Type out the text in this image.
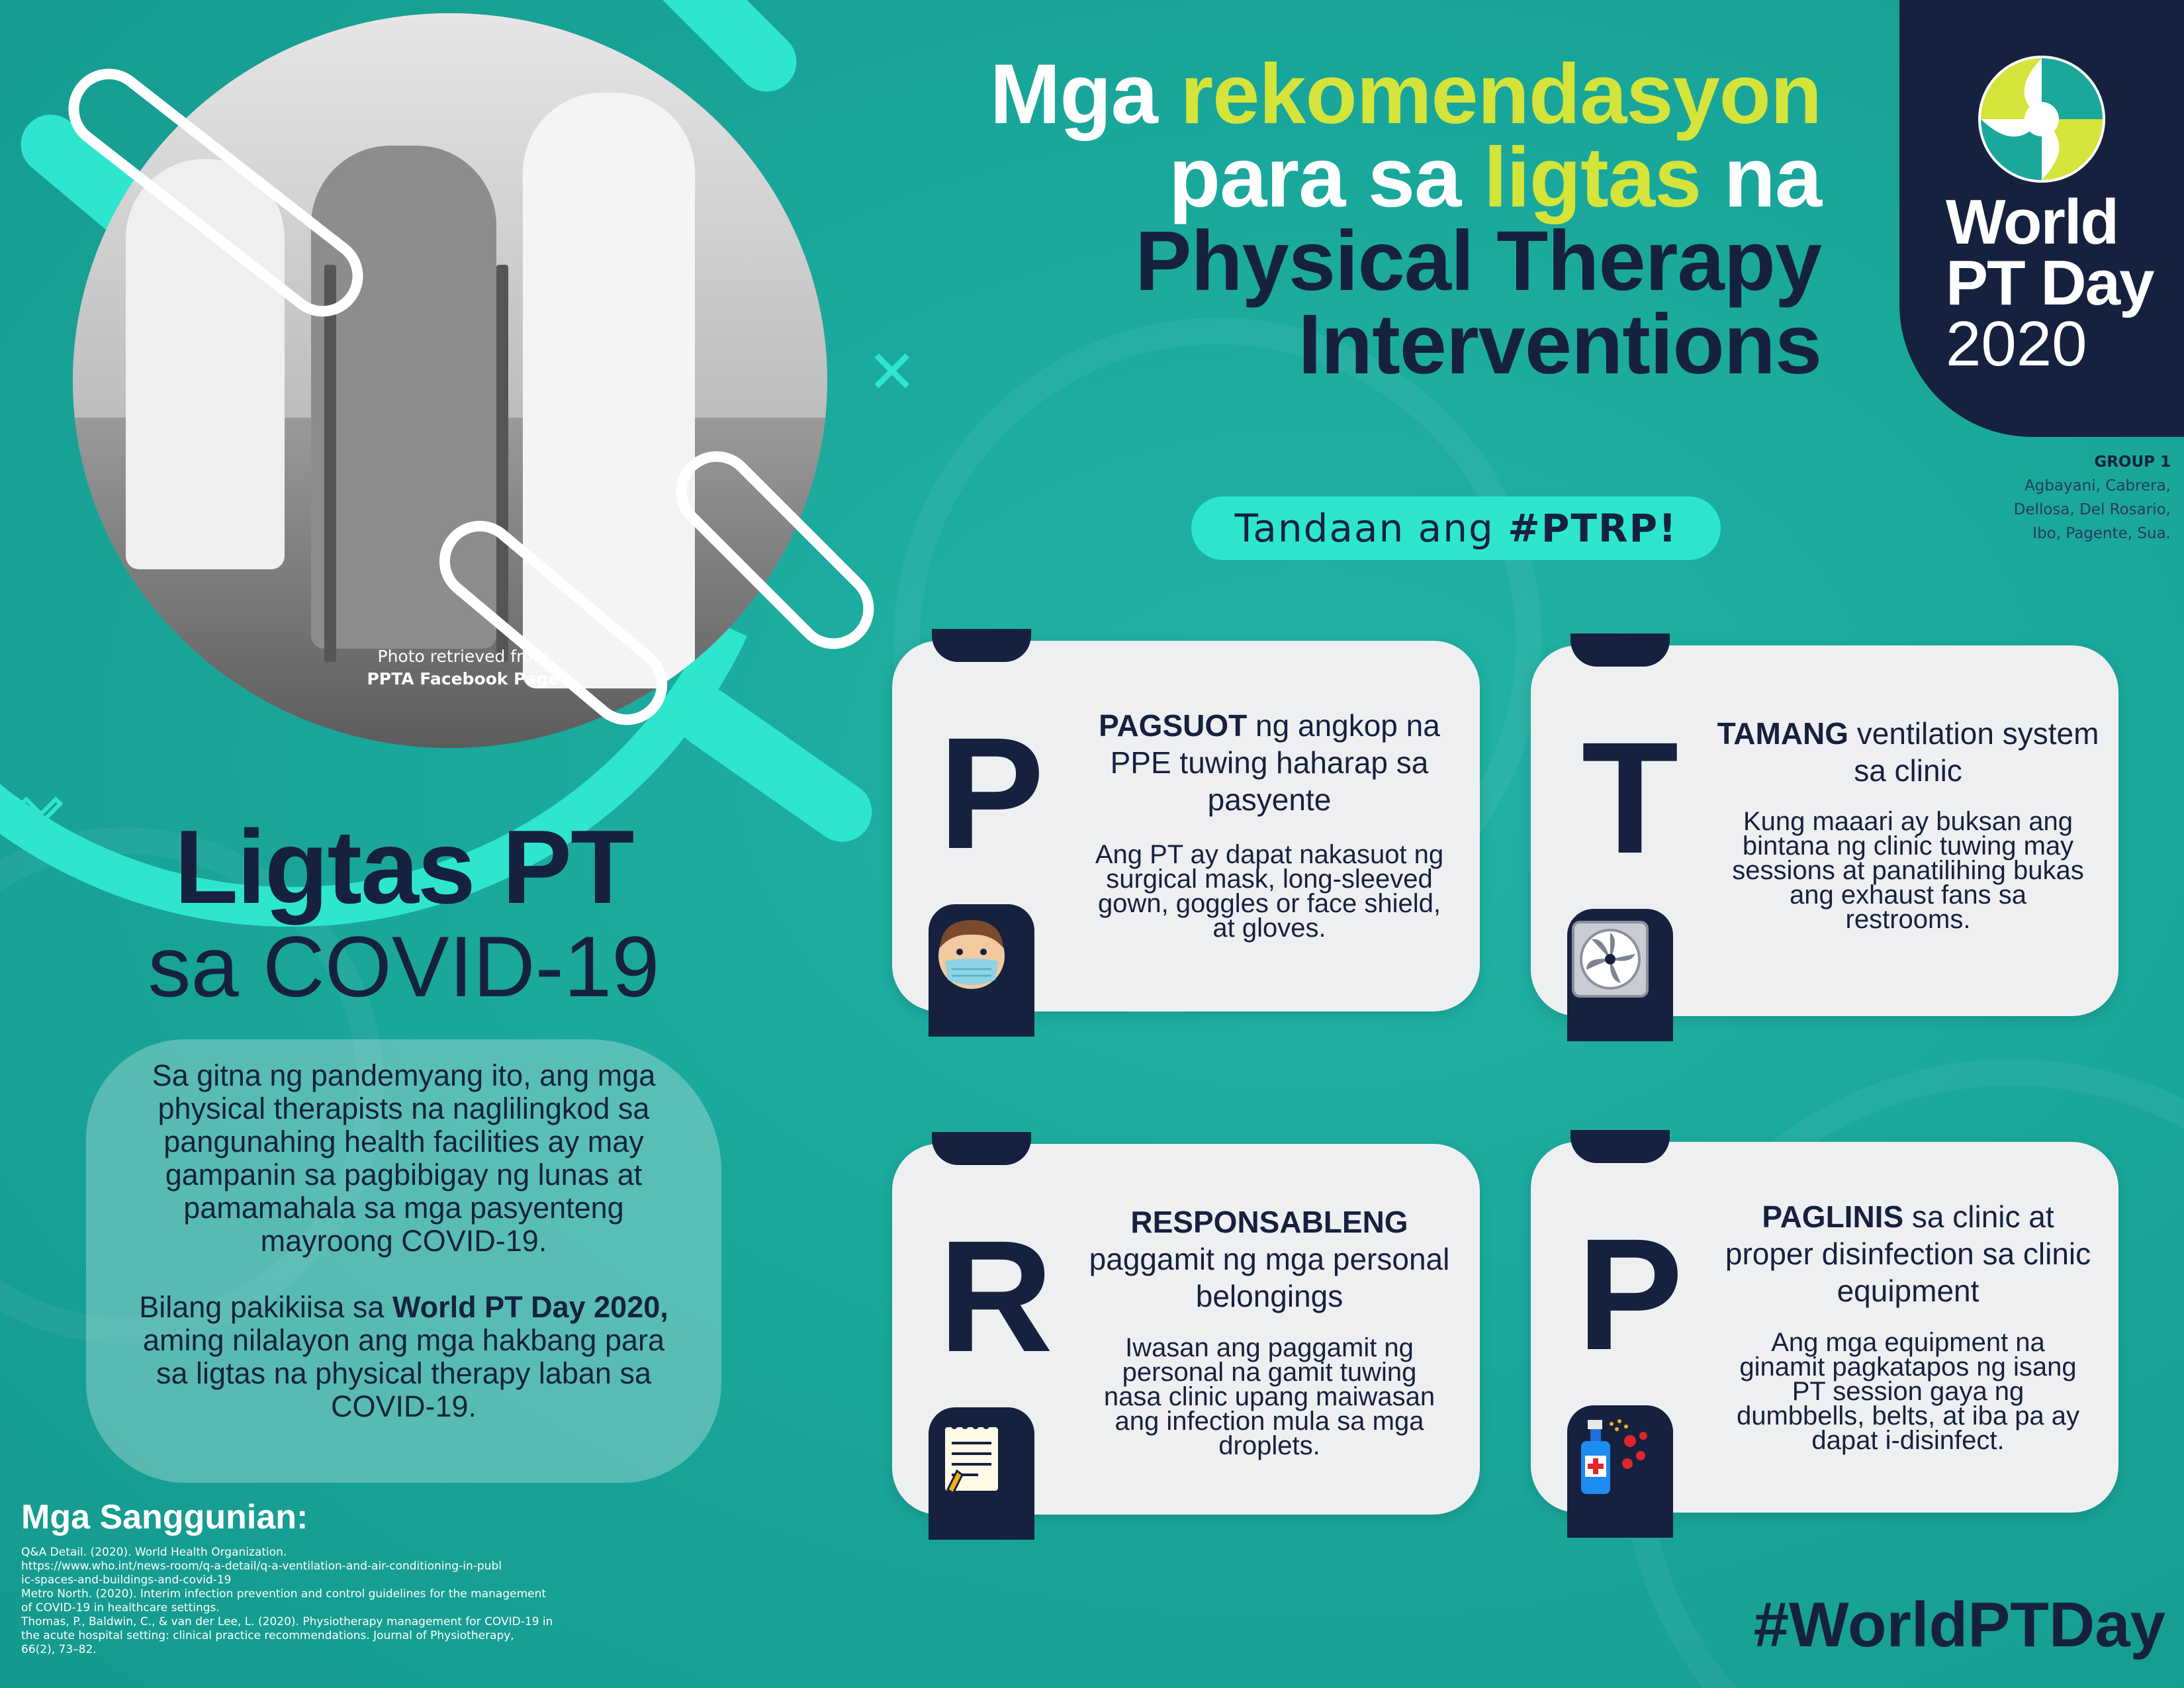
Photo retrieved from
PPTA Facebook Page
✕
✕
Mga rekomendasyon
para sa ligtas na
Physical Therapy
Interventions
World
PT Day
2020
GROUP 1
Agbayani, Cabrera,
Dellosa, Del Rosario,
Ibo, Pagente, Sua.
Tandaan ang #PTRP!
P	PAGSUOT ng angkop na PPE tuwing haharap sa pasyente
Ang PT ay dapat nakasuot ng surgical mask, long-sleeved gown, goggles or face shield, at gloves.
T TAMANG ventilation system sa clinic
Kung maaari ay buksan ang bintana ng clinic tuwing may sessions at panatilihing bukas ang exhaust fans sa restrooms.
R	RESPONSABLENG paggamit ng mga personal belongings
Iwasan ang paggamit ng personal na gamit tuwing nasa clinic upang maiwasan ang infection mula sa mga droplets.
P	PAGLINIS sa clinic at proper disinfection sa clinic equipment
Ang mga equipment na ginamit pagkatapos ng isang PT session gaya ng dumbbells, belts, at iba pa ay dapat i-disinfect.
Ligtas PT
sa COVID-19
Sa gitna ng pandemyang ito, ang mga physical therapists na naglilingkod sa pangunahing health facilities ay may gampanin sa pagbibigay ng lunas at pamamahala sa mga pasyenteng mayroong COVID-19.
Bilang pakikiisa sa World PT Day 2020, aming nilalayon ang mga hakbang para sa ligtas na physical therapy laban sa COVID-19.
Mga Sanggunian:
Q&A Detail. (2020). World Health Organization.
https://www.who.int/news-room/q-a-detail/q-a-ventilation-and-air-conditioning-in-publ
ic-spaces-and-buildings-and-covid-19
Metro North. (2020). Interim infection prevention and control guidelines for the management
of COVID-19 in healthcare settings.
Thomas, P., Baldwin, C., & van der Lee, L. (2020). Physiotherapy management for COVID-19 in
the acute hospital setting: clinical practice recommendations. Journal of Physiotherapy,
66(2), 73–82.	#WorldPTDay
